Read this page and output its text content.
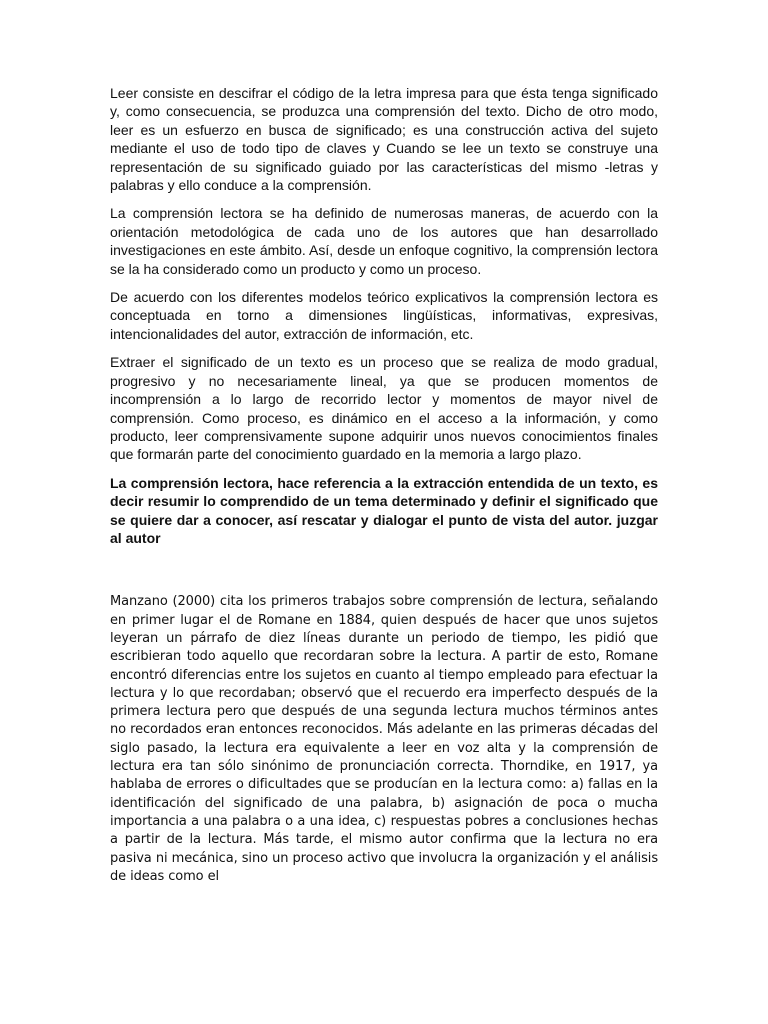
Leer consiste en descifrar el código de la letra impresa para que ésta tenga significado y, como consecuencia, se produzca una comprensión del texto. Dicho de otro modo, leer es un esfuerzo en busca de significado; es una construcción activa del sujeto mediante el uso de todo tipo de claves y Cuando se lee un texto se construye una representación de su significado guiado por las características del mismo -letras y palabras y ello conduce a la comprensión.

La comprensión lectora se ha definido de numerosas maneras, de acuerdo con la orientación metodológica de cada uno de los autores que han desarrollado investigaciones en este ámbito. Así, desde un enfoque cognitivo, la comprensión lectora se la ha considerado como un producto y como un proceso.

De acuerdo con los diferentes modelos teórico explicativos la comprensión lectora es conceptuada en torno a dimensiones lingüísticas, informativas, expresivas, intencionalidades del autor, extracción de información, etc.

Extraer el significado de un texto es un proceso que se realiza de modo gradual, progresivo y no necesariamente lineal, ya que se producen momentos de incomprensión a lo largo de recorrido lector y momentos de mayor nivel de comprensión. Como proceso, es dinámico en el acceso a la información, y como producto, leer comprensivamente supone adquirir unos nuevos conocimientos finales que formarán parte del conocimiento guardado en la memoria a largo plazo.

La comprensión lectora, hace referencia a la extracción entendida de un texto, es decir resumir lo comprendido de un tema determinado y definir el significado que se quiere dar a conocer, así rescatar y dialogar el punto de vista del autor. juzgar al autor

Manzano (2000) cita los primeros trabajos sobre comprensión de lectura, señalando en primer lugar el de Romane en 1884, quien después de hacer que unos sujetos leyeran un párrafo de diez líneas durante un periodo de tiempo, les pidió que escribieran todo aquello que recordaran sobre la lectura. A partir de esto, Romane encontró diferencias entre los sujetos en cuanto al tiempo empleado para efectuar la lectura y lo que recordaban; observó que el recuerdo era imperfecto después de la primera lectura pero que después de una segunda lectura muchos términos antes no recordados eran entonces reconocidos. Más adelante en las primeras décadas del siglo pasado, la lectura era equivalente a leer en voz alta y la comprensión de lectura era tan sólo sinónimo de pronunciación correcta. Thorndike, en 1917, ya hablaba de errores o dificultades que se producían en la lectura como: a) fallas en la identificación del significado de una palabra, b) asignación de poca o mucha importancia a una palabra o a una idea, c) respuestas pobres a conclusiones hechas a partir de la lectura. Más tarde, el mismo autor confirma que la lectura no era pasiva ni mecánica, sino un proceso activo que involucra la organización y el análisis de ideas como el
